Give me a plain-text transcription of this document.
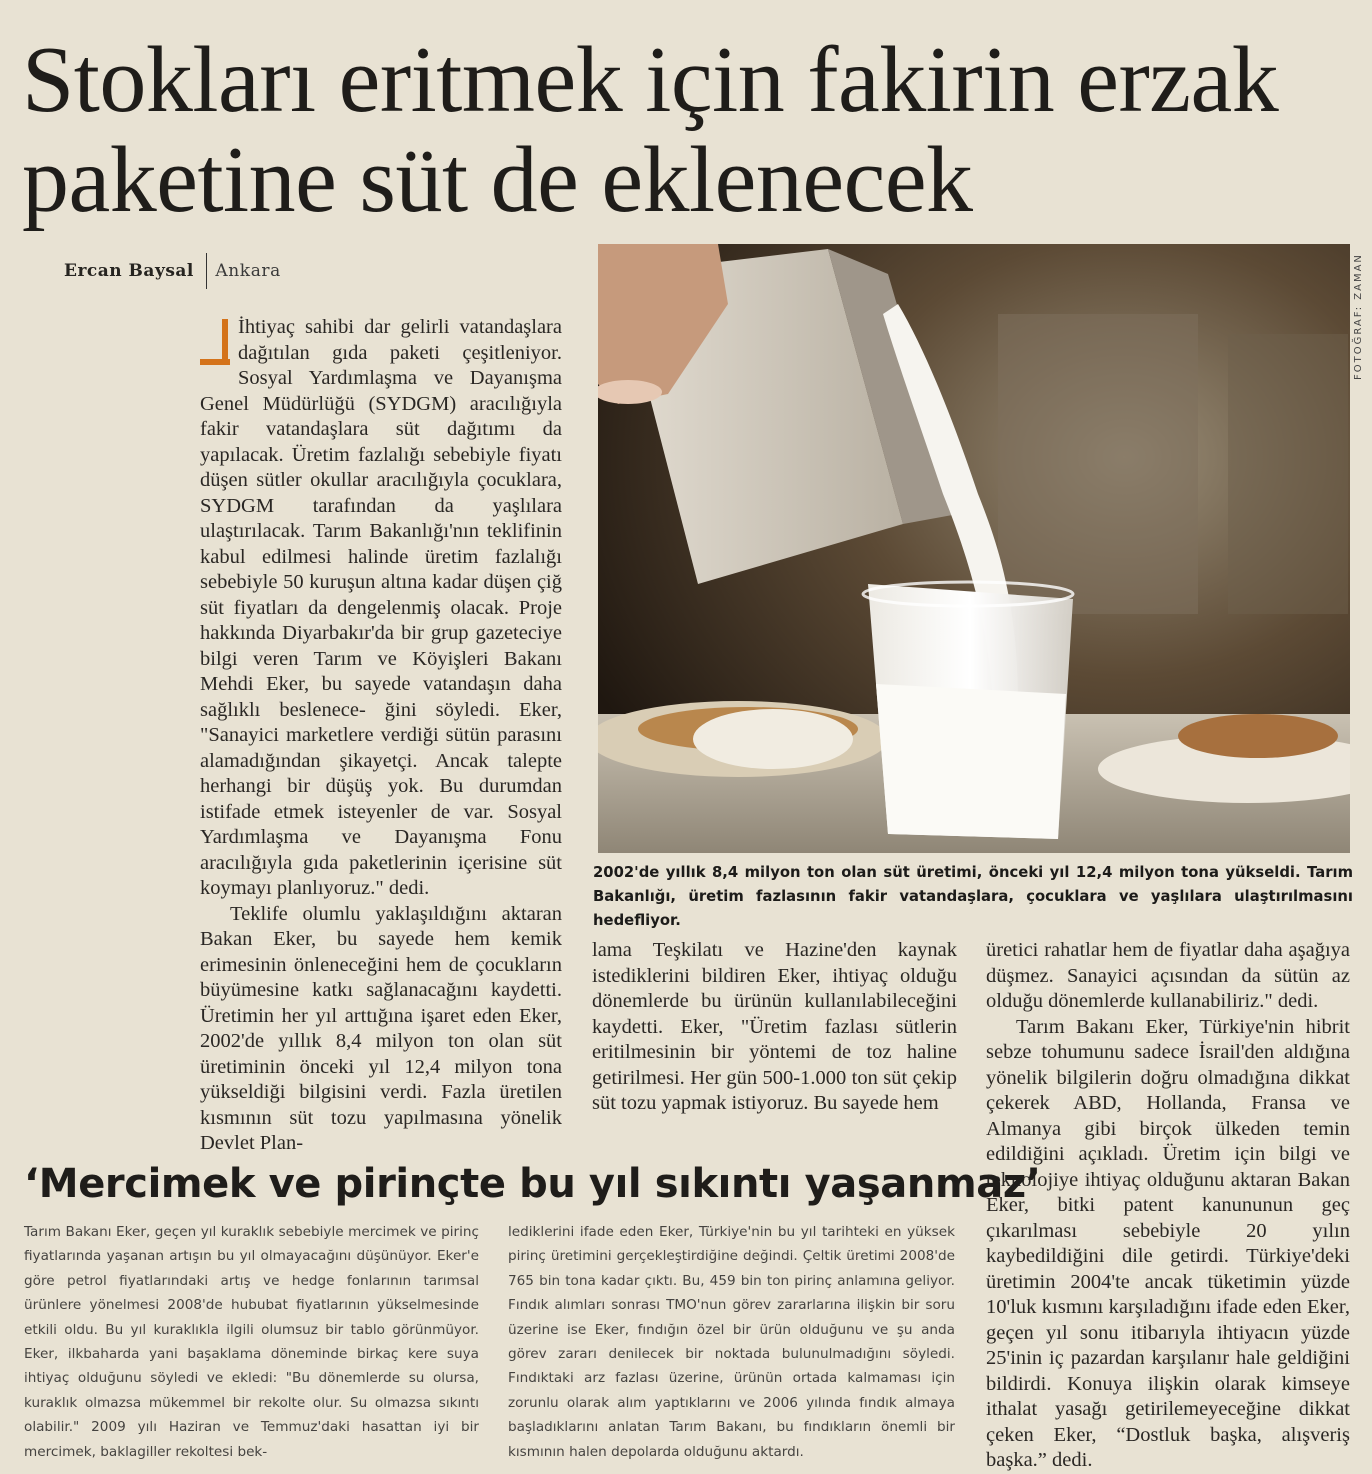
Stokları eritmek için fakirin erzak paketine süt de eklenecek
Ercan Baysal Ankara

İhtiyaç sahibi dar gelirli vatandaşlara dağıtılan gıda paketi çeşitleniyor. Sosyal Yardımlaşma ve Dayanışma Genel Müdürlüğü (SYDGM) aracılığıyla fakir vatandaşlara süt dağıtımı da yapılacak. Üretim fazlalığı sebebiyle fiyatı düşen sütler okullar aracılığıyla çocuklara, SYDGM tarafından da yaşlılara ulaştırılacak. Tarım Bakanlığı'nın teklifinin kabul edilmesi halinde üretim fazlalığı sebebiyle 50 kuruşun altına kadar düşen çiğ süt fiyatları da dengelenmiş olacak. Proje hakkında Diyarbakır'da bir grup gazeteciye bilgi veren Tarım ve Köyişleri Bakanı Mehdi Eker, bu sayede vatandaşın daha sağlıklı beslenece- ğini söyledi. Eker, "Sanayici marketlere verdiği sütün parasını alamadığından şikayetçi. Ancak talepte herhangi bir düşüş yok. Bu durumdan istifade etmek isteyenler de var. Sosyal Yardımlaşma ve Dayanışma Fonu aracılığıyla gıda paketlerinin içerisine süt koymayı planlıyoruz." dedi.

Teklife olumlu yaklaşıldığını aktaran Bakan Eker, bu sayede hem kemik erimesinin önleneceğini hem de çocukların büyümesine katkı sağlanacağını kaydetti. Üretimin her yıl arttığına işaret eden Eker, 2002'de yıllık 8,4 milyon ton olan süt üretiminin önceki yıl 12,4 milyon tona yükseldiği bilgisini verdi. Fazla üretilen kısmının süt tozu yapılmasına yönelik Devlet Plan-

FOTOĞRAF: ZAMAN
2002'de yıllık 8,4 milyon ton olan süt üretimi, önceki yıl 12,4 milyon tona yükseldi. Tarım Bakanlığı, üretim fazlasının fakir vatandaşlara, çocuklara ve yaşlılara ulaştırılmasını hedefliyor.

lama Teşkilatı ve Hazine'den kaynak istediklerini bildiren Eker, ihtiyaç olduğu dönemlerde bu ürünün kullanılabileceğini kaydetti. Eker, "Üretim fazlası sütlerin eritilmesinin bir yöntemi de toz haline getirilmesi. Her gün 500-1.000 ton süt çekip süt tozu yapmak istiyoruz. Bu sayede hem

üretici rahatlar hem de fiyatlar daha aşağıya düşmez. Sanayici açısından da sütün az olduğu dönemlerde kullanabiliriz." dedi.

Tarım Bakanı Eker, Türkiye'nin hibrit sebze tohumunu sadece İsrail'den aldığına yönelik bilgilerin doğru olmadığına dikkat çekerek ABD, Hollanda, Fransa ve Almanya gibi birçok ülkeden temin edildiğini açıkladı. Üretim için bilgi ve teknolojiye ihtiyaç olduğunu aktaran Bakan Eker, bitki patent kanununun geç çıkarılması sebebiyle 20 yılın kaybedildiğini dile getirdi. Türkiye'deki üretimin 2004'te ancak tüketimin yüzde 10'luk kısmını karşıladığını ifade eden Eker, geçen yıl sonu itibarıyla ihtiyacın yüzde 25'inin iç pazardan karşılanır hale geldiğini bildirdi. Konuya ilişkin olarak kimseye ithalat yasağı getirilemeyeceğine dikkat çeken Eker, “Dostluk başka, alışveriş başka.” dedi.

‘Mercimek ve pirinçte bu yıl sıkıntı yaşanmaz’

Tarım Bakanı Eker, geçen yıl kuraklık sebebiyle mercimek ve pirinç fiyatlarında yaşanan artışın bu yıl olmayacağını düşünüyor. Eker'e göre petrol fiyatlarındaki artış ve hedge fonlarının tarımsal ürünlere yönelmesi 2008'de hububat fiyatlarının yükselmesinde etkili oldu. Bu yıl kuraklıkla ilgili olumsuz bir tablo görünmüyor. Eker, ilkbaharda yani başaklama döneminde birkaç kere suya ihtiyaç olduğunu söyledi ve ekledi: "Bu dönemlerde su olursa, kuraklık olmazsa mükemmel bir rekolte olur. Su olmazsa sıkıntı olabilir." 2009 yılı Haziran ve Temmuz'daki hasattan iyi bir mercimek, baklagiller rekoltesi bek-

lediklerini ifade eden Eker, Türkiye'nin bu yıl tarihteki en yüksek pirinç üretimini gerçekleştirdiğine değindi. Çeltik üretimi 2008'de 765 bin tona kadar çıktı. Bu, 459 bin ton pirinç anlamına geliyor. Fındık alımları sonrası TMO'nun görev zararlarına ilişkin bir soru üzerine ise Eker, fındığın özel bir ürün olduğunu ve şu anda görev zararı denilecek bir noktada bulunulmadığını söyledi. Fındıktaki arz fazlası üzerine, ürünün ortada kalmaması için zorunlu olarak alım yaptıklarını ve 2006 yılında fındık almaya başladıklarını anlatan Tarım Bakanı, bu fındıkların önemli bir kısmının halen depolarda olduğunu aktardı.
